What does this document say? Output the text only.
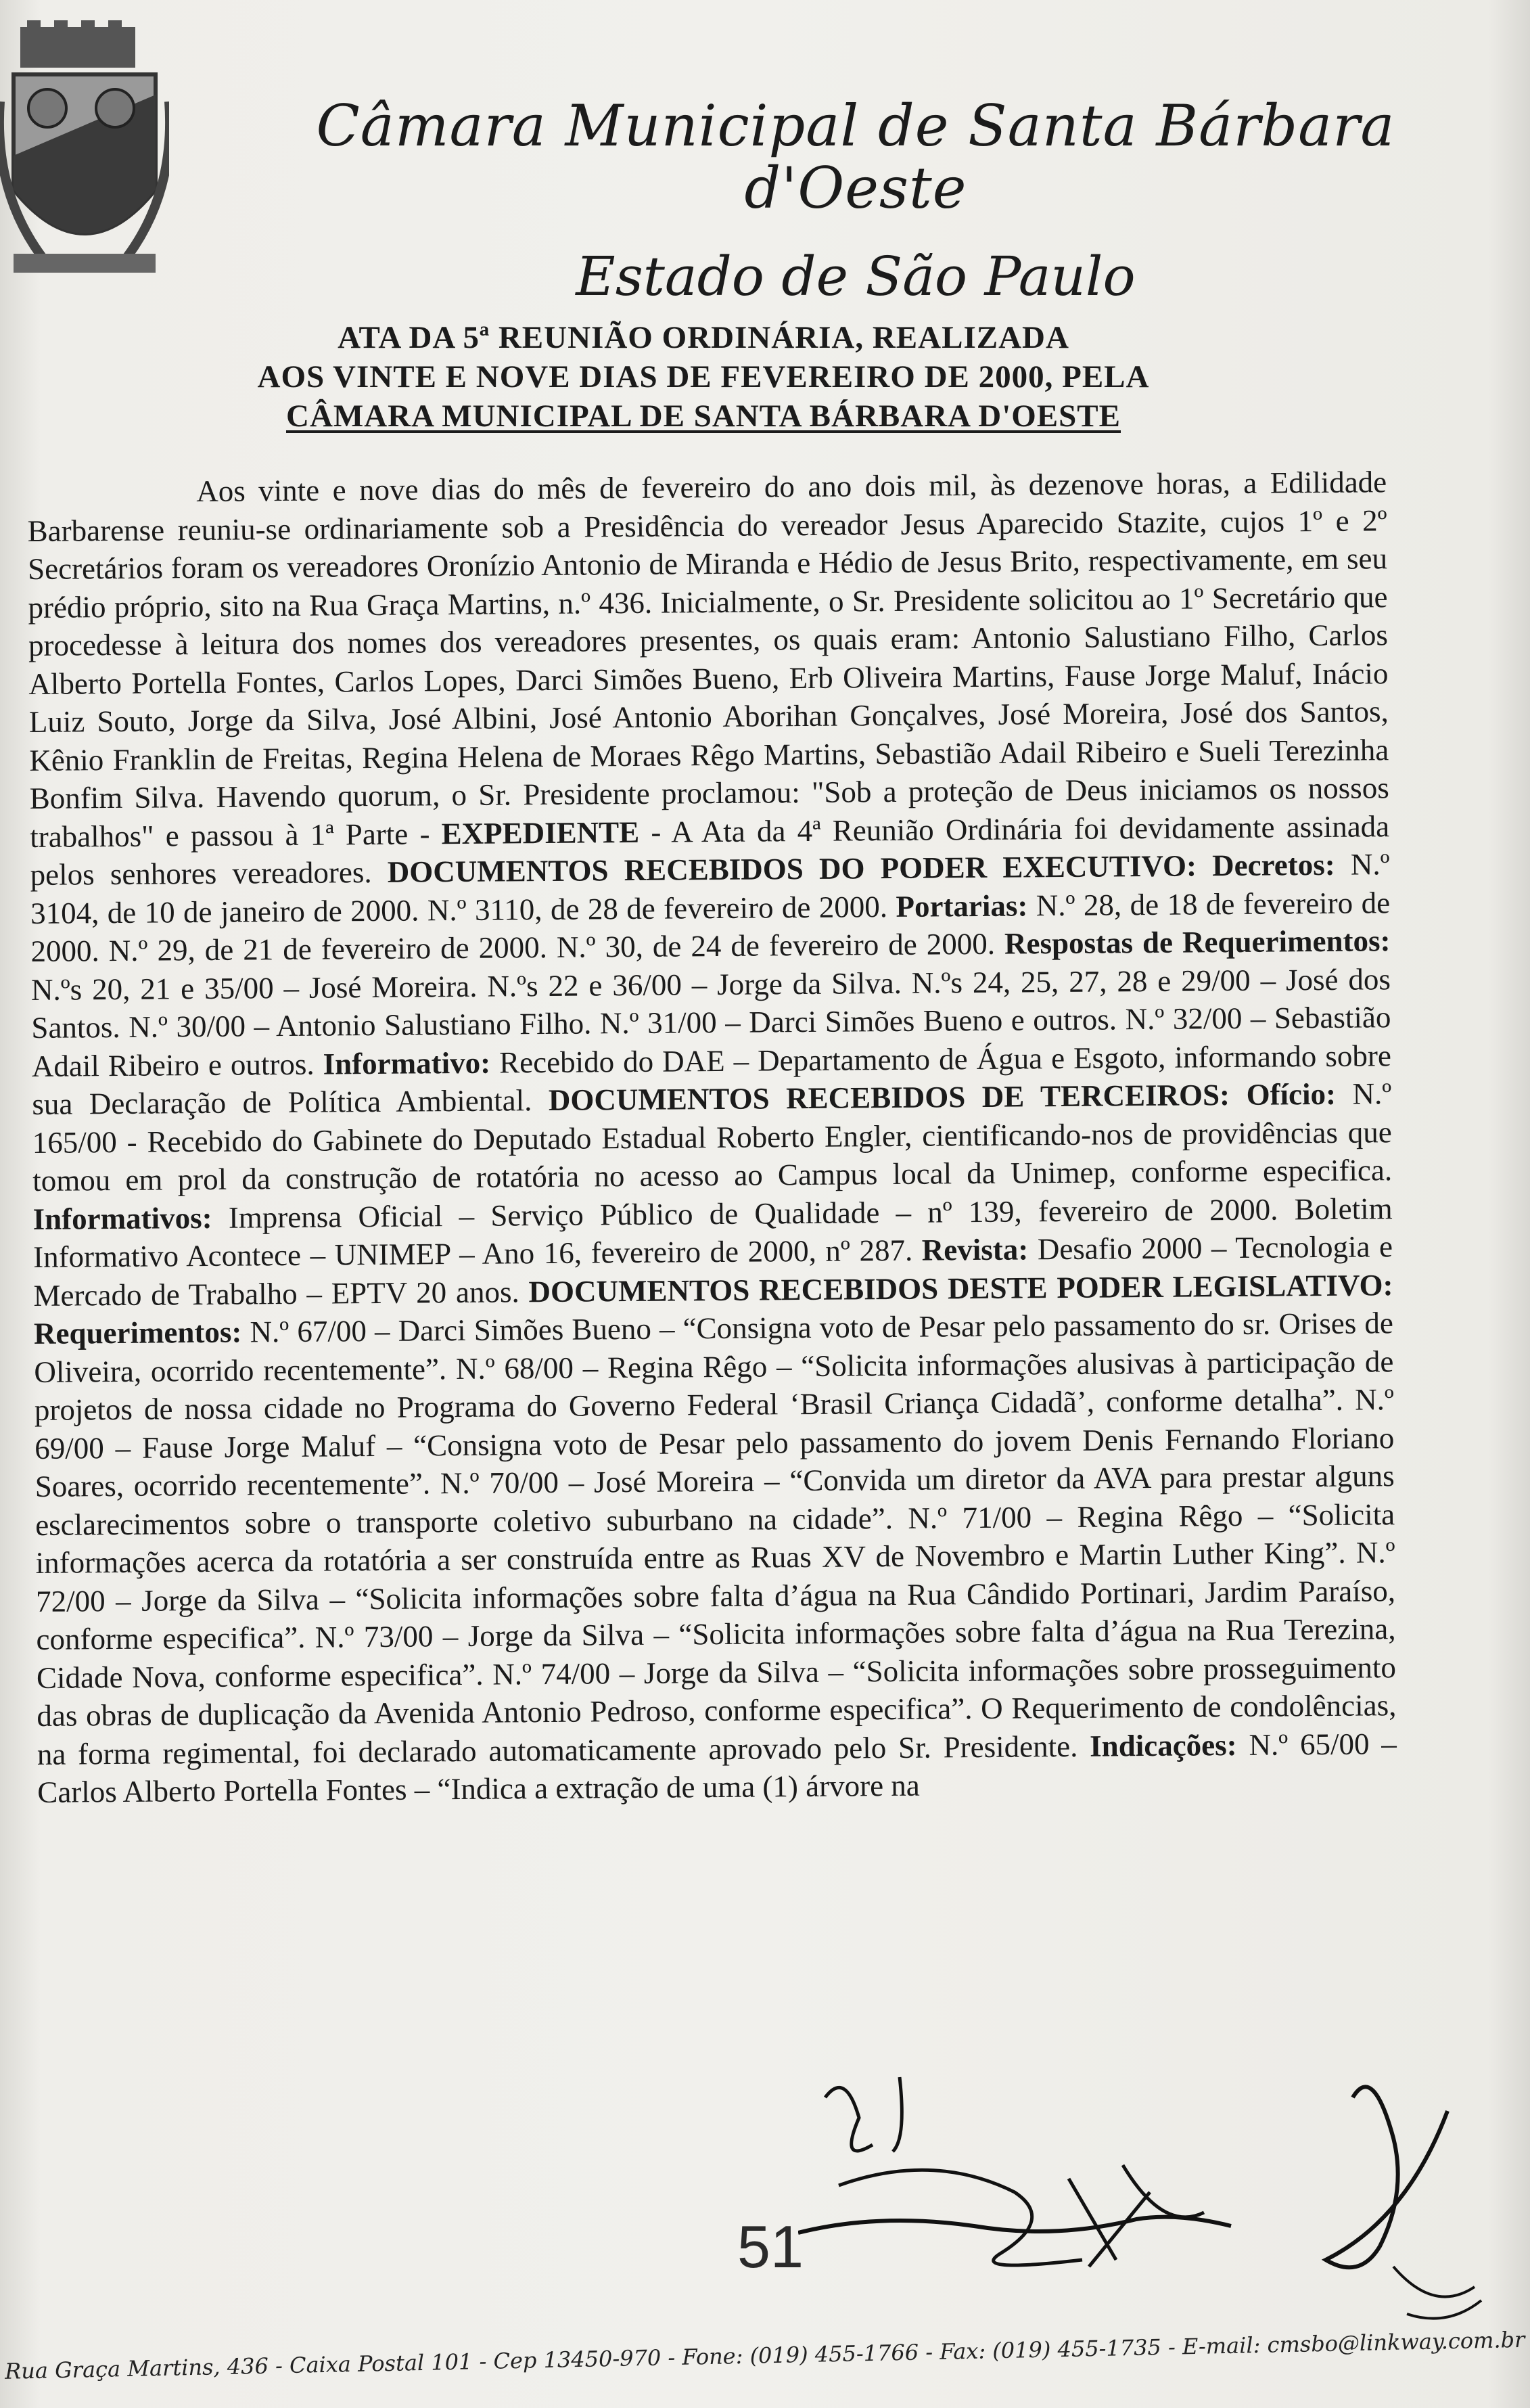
Câmara Municipal de Santa Bárbara d'Oeste
Estado de São Paulo
ATA DA 5ª REUNIÃO ORDINÁRIA, REALIZADA
AOS VINTE E NOVE DIAS DE FEVEREIRO DE 2000, PELA
CÂMARA MUNICIPAL DE SANTA BÁRBARA D'OESTE
Aos vinte e nove dias do mês de fevereiro do ano dois mil, às dezenove horas, a Edilidade Barbarense reuniu-se ordinariamente sob a Presidência do vereador Jesus Aparecido Stazite, cujos 1º e 2º Secretários foram os vereadores Oronízio Antonio de Miranda e Hédio de Jesus Brito, respectivamente, em seu prédio próprio, sito na Rua Graça Martins, n.º 436. Inicialmente, o Sr. Presidente solicitou ao 1º Secretário que procedesse à leitura dos nomes dos vereadores presentes, os quais eram: Antonio Salustiano Filho, Carlos Alberto Portella Fontes, Carlos Lopes, Darci Simões Bueno, Erb Oliveira Martins, Fause Jorge Maluf, Inácio Luiz Souto, Jorge da Silva, José Albini, José Antonio Aborihan Gonçalves, José Moreira, José dos Santos, Kênio Franklin de Freitas, Regina Helena de Moraes Rêgo Martins, Sebastião Adail Ribeiro e Sueli Terezinha Bonfim Silva. Havendo quorum, o Sr. Presidente proclamou: "Sob a proteção de Deus iniciamos os nossos trabalhos" e passou à 1ª Parte - EXPEDIENTE - A Ata da 4ª Reunião Ordinária foi devidamente assinada pelos senhores vereadores. DOCUMENTOS RECEBIDOS DO PODER EXECUTIVO: Decretos: N.º 3104, de 10 de janeiro de 2000. N.º 3110, de 28 de fevereiro de 2000. Portarias: N.º 28, de 18 de fevereiro de 2000. N.º 29, de 21 de fevereiro de 2000. N.º 30, de 24 de fevereiro de 2000. Respostas de Requerimentos: N.ºs 20, 21 e 35/00 – José Moreira. N.ºs 22 e 36/00 – Jorge da Silva. N.ºs 24, 25, 27, 28 e 29/00 – José dos Santos. N.º 30/00 – Antonio Salustiano Filho. N.º 31/00 – Darci Simões Bueno e outros. N.º 32/00 – Sebastião Adail Ribeiro e outros. Informativo: Recebido do DAE – Departamento de Água e Esgoto, informando sobre sua Declaração de Política Ambiental. DOCUMENTOS RECEBIDOS DE TERCEIROS: Ofício: N.º 165/00 - Recebido do Gabinete do Deputado Estadual Roberto Engler, cientificando-nos de providências que tomou em prol da construção de rotatória no acesso ao Campus local da Unimep, conforme especifica. Informativos: Imprensa Oficial – Serviço Público de Qualidade – nº 139, fevereiro de 2000. Boletim Informativo Acontece – UNIMEP – Ano 16, fevereiro de 2000, nº 287. Revista: Desafio 2000 – Tecnologia e Mercado de Trabalho – EPTV 20 anos. DOCUMENTOS RECEBIDOS DESTE PODER LEGISLATIVO: Requerimentos: N.º 67/00 – Darci Simões Bueno – “Consigna voto de Pesar pelo passamento do sr. Orises de Oliveira, ocorrido recentemente”. N.º 68/00 – Regina Rêgo – “Solicita informações alusivas à participação de projetos de nossa cidade no Programa do Governo Federal ‘Brasil Criança Cidadã’, conforme detalha”. N.º 69/00 – Fause Jorge Maluf – “Consigna voto de Pesar pelo passamento do jovem Denis Fernando Floriano Soares, ocorrido recentemente”. N.º 70/00 – José Moreira – “Convida um diretor da AVA para prestar alguns esclarecimentos sobre o transporte coletivo suburbano na cidade”. N.º 71/00 – Regina Rêgo – “Solicita informações acerca da rotatória a ser construída entre as Ruas XV de Novembro e Martin Luther King”. N.º 72/00 – Jorge da Silva – “Solicita informações sobre falta d’água na Rua Cândido Portinari, Jardim Paraíso, conforme especifica”. N.º 73/00 – Jorge da Silva – “Solicita informações sobre falta d’água na Rua Terezina, Cidade Nova, conforme especifica”. N.º 74/00 – Jorge da Silva – “Solicita informações sobre prosseguimento das obras de duplicação da Avenida Antonio Pedroso, conforme especifica”. O Requerimento de condolências, na forma regimental, foi declarado automaticamente aprovado pelo Sr. Presidente. Indicações: N.º 65/00 – Carlos Alberto Portella Fontes – “Indica a extração de uma (1) árvore na
51
Rua Graça Martins, 436 - Caixa Postal 101 - Cep 13450-970 - Fone: (019) 455-1766 - Fax: (019) 455-1735 - E-mail: cmsbo@linkway.com.br
